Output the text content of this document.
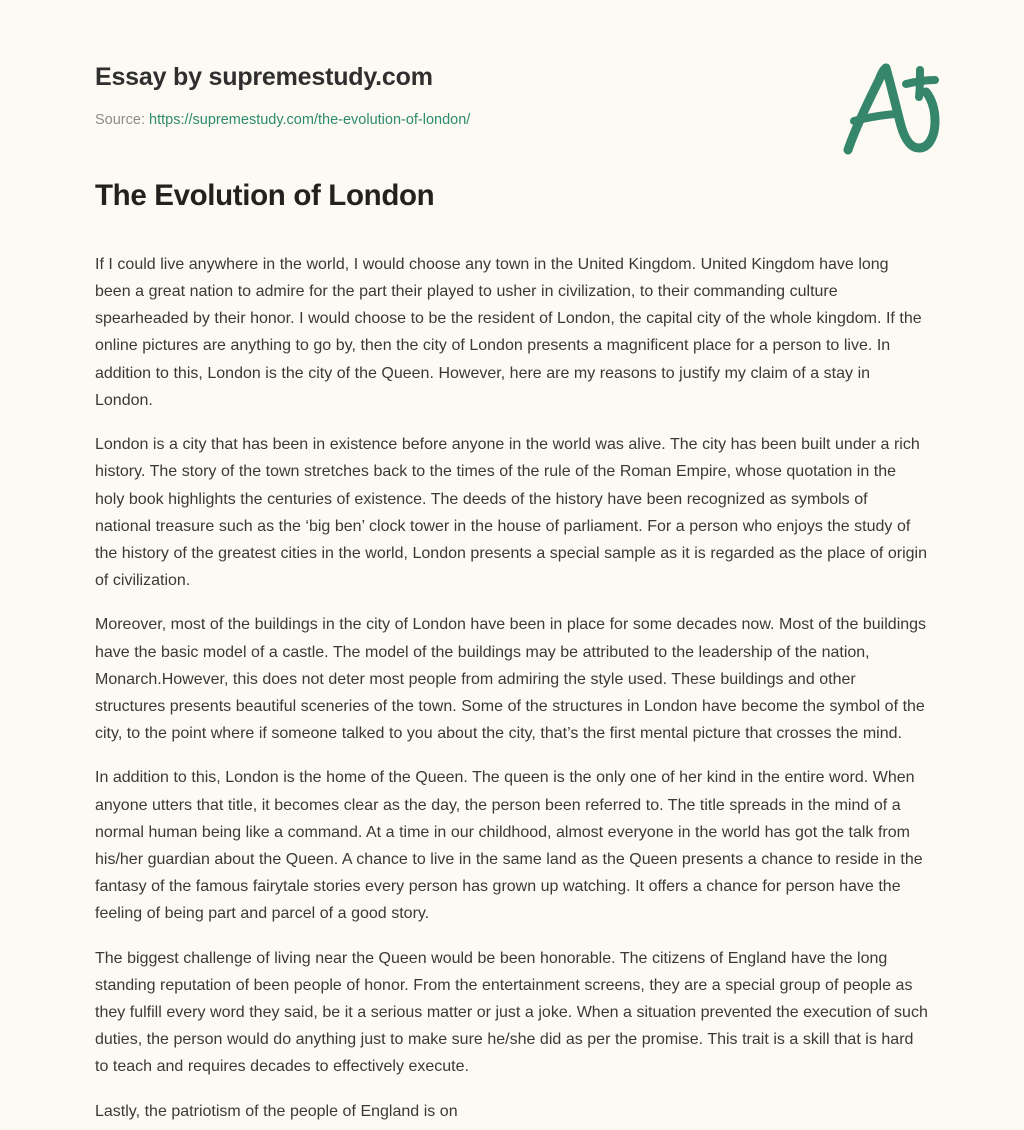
Essay by supremestudy.com
Source: https://supremestudy.com/the-evolution-of-london/
The Evolution of London

If I could live anywhere in the world, I would choose any town in the United Kingdom. United Kingdom have long been a great nation to admire for the part their played to usher in civilization, to their commanding culture spearheaded by their honor. I would choose to be the resident of London, the capital city of the whole kingdom. If the online pictures are anything to go by, then the city of London presents a magnificent place for a person to live. In addition to this, London is the city of the Queen. However, here are my reasons to justify my claim of a stay in London.

London is a city that has been in existence before anyone in the world was alive. The city has been built under a rich history. The story of the town stretches back to the times of the rule of the Roman Empire, whose quotation in the holy book highlights the centuries of existence. The deeds of the history have been recognized as symbols of national treasure such as the ‘big ben’ clock tower in the house of parliament. For a person who enjoys the study of the history of the greatest cities in the world, London presents a special sample as it is regarded as the place of origin of civilization.

Moreover, most of the buildings in the city of London have been in place for some decades now. Most of the buildings have the basic model of a castle. The model of the buildings may be attributed to the leadership of the nation, Monarch.However, this does not deter most people from admiring the style used. These buildings and other structures presents beautiful sceneries of the town. Some of the structures in London have become the symbol of the city, to the point where if someone talked to you about the city, that’s the first mental picture that crosses the mind.

In addition to this, London is the home of the Queen. The queen is the only one of her kind in the entire word. When anyone utters that title, it becomes clear as the day, the person been referred to. The title spreads in the mind of a normal human being like a command. At a time in our childhood, almost everyone in the world has got the talk from his/her guardian about the Queen. A chance to live in the same land as the Queen presents a chance to reside in the fantasy of the famous fairytale stories every person has grown up watching. It offers a chance for person have the feeling of being part and parcel of a good story.

The biggest challenge of living near the Queen would be been honorable. The citizens of England have the long standing reputation of been people of honor. From the entertainment screens, they are a special group of people as they fulfill every word they said, be it a serious matter or just a joke. When a situation prevented the execution of such duties, the person would do anything just to make sure he/she did as per the promise. This trait is a skill that is hard to teach and requires decades to effectively execute.

Lastly, the patriotism of the people of England is on
